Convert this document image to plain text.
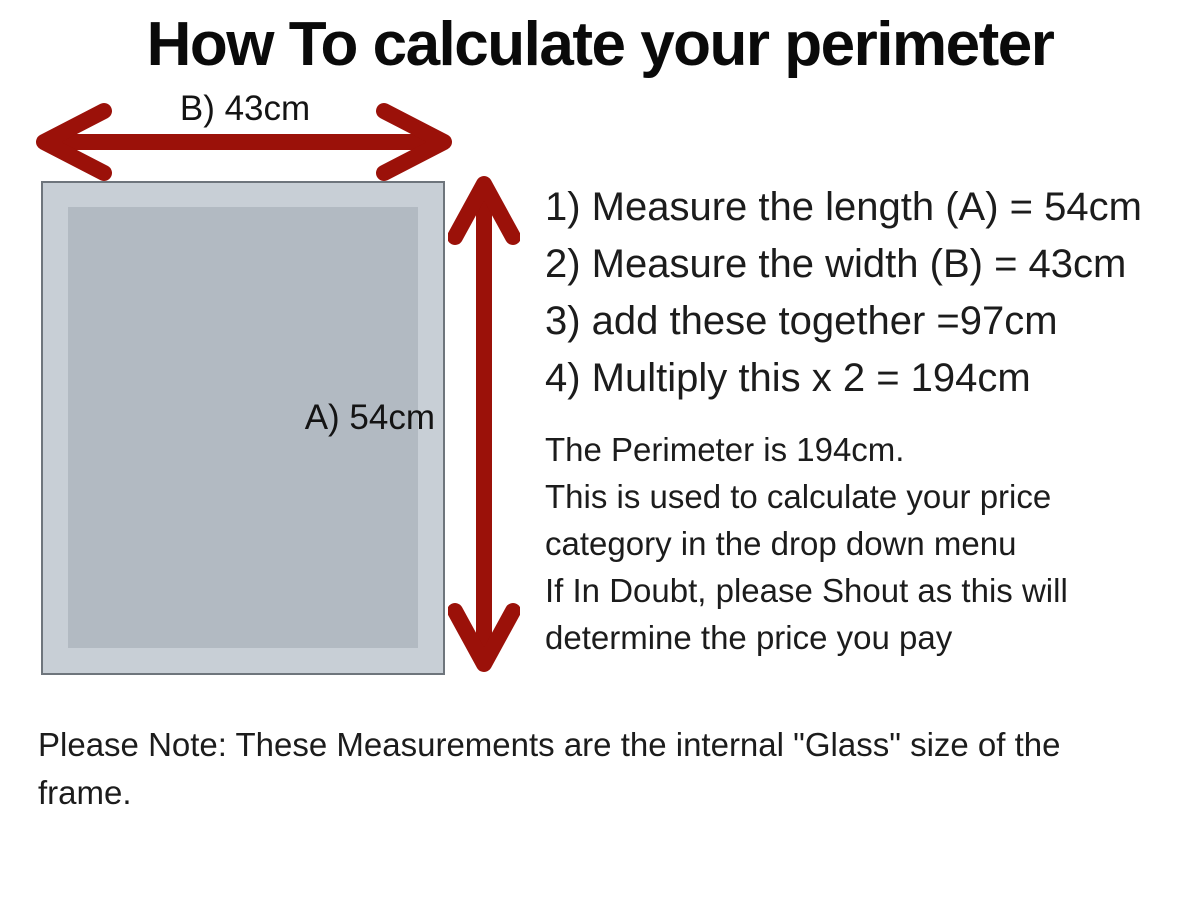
How To calculate your perimeter
B) 43cm
A) 54cm
1) Measure the length (A) = 54cm
2) Measure the width (B) = 43cm
3) add these together =97cm
4) Multiply this x 2 = 194cm
The Perimeter is 194cm.
This is used to calculate your price
category in the drop down menu
If In Doubt, please Shout as this will
determine the price you pay
Please Note: These Measurements are the internal "Glass" size of the
frame.
